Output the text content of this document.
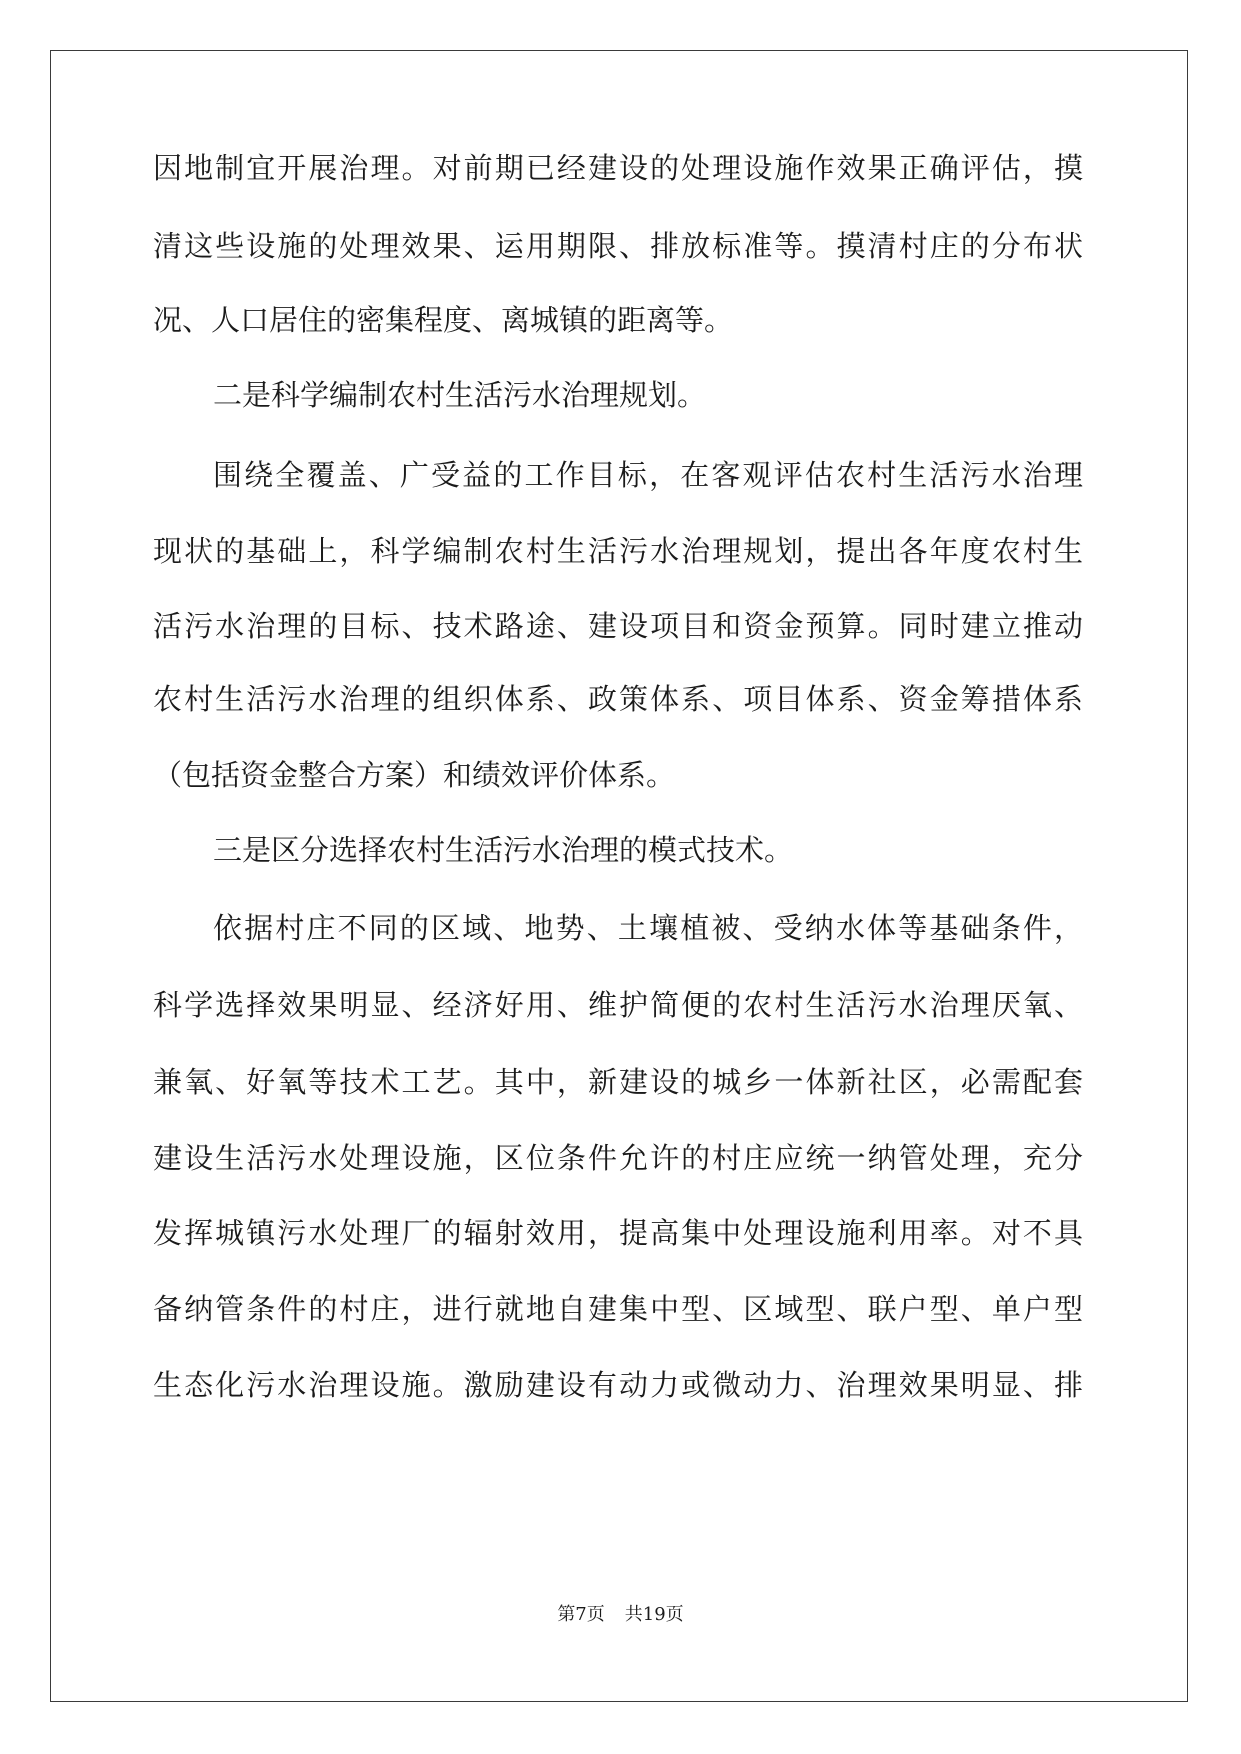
因地制宜开展治理。对前期已经建设的处理设施作效果正确评估，摸
清这些设施的处理效果、运用期限、排放标准等。摸清村庄的分布状
况、人口居住的密集程度、离城镇的距离等。
二是科学编制农村生活污水治理规划。
围绕全覆盖、广受益的工作目标，在客观评估农村生活污水治理
现状的基础上，科学编制农村生活污水治理规划，提出各年度农村生
活污水治理的目标、技术路途、建设项目和资金预算。同时建立推动
农村生活污水治理的组织体系、政策体系、项目体系、资金筹措体系
（包括资金整合方案）和绩效评价体系。
三是区分选择农村生活污水治理的模式技术。
依据村庄不同的区域、地势、土壤植被、受纳水体等基础条件，
科学选择效果明显、经济好用、维护简便的农村生活污水治理厌氧、
兼氧、好氧等技术工艺。其中，新建设的城乡一体新社区，必需配套
建设生活污水处理设施，区位条件允许的村庄应统一纳管处理，充分
发挥城镇污水处理厂的辐射效用，提高集中处理设施利用率。对不具
备纳管条件的村庄，进行就地自建集中型、区域型、联户型、单户型
生态化污水治理设施。激励建设有动力或微动力、治理效果明显、排
第7页 共19页
